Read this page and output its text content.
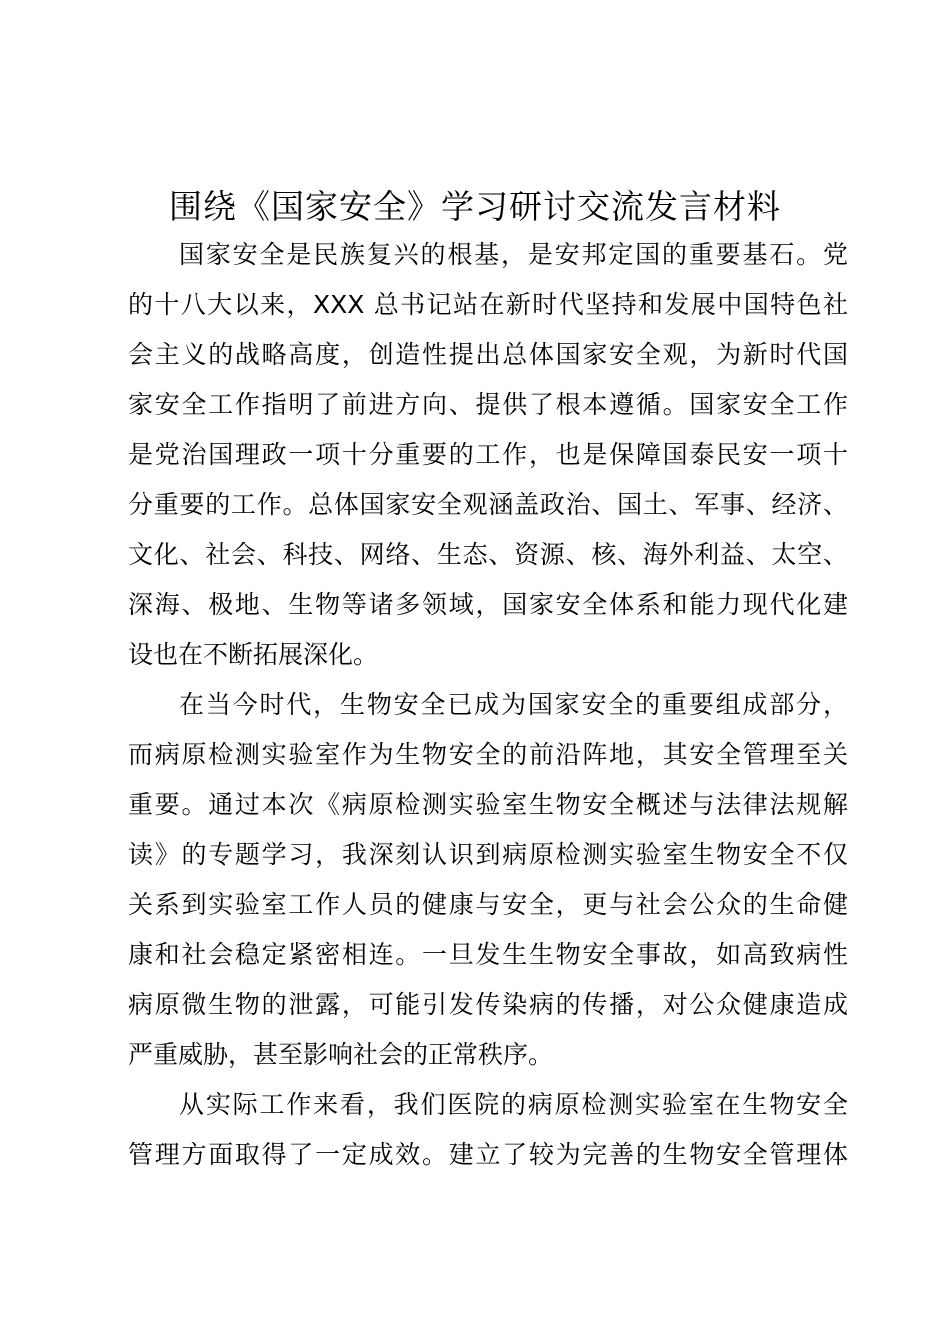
围绕《国家安全》学习研讨交流发言材料
国家安全是民族复兴的根基，是安邦定国的重要基石。党
的十八大以来，XXX 总书记站在新时代坚持和发展中国特色社
会主义的战略高度，创造性提出总体国家安全观，为新时代国
家安全工作指明了前进方向、提供了根本遵循。国家安全工作
是党治国理政一项十分重要的工作，也是保障国泰民安一项十
分重要的工作。总体国家安全观涵盖政治、国土、军事、经济、
文化、社会、科技、网络、生态、资源、核、海外利益、太空、
深海、极地、生物等诸多领域，国家安全体系和能力现代化建
设也在不断拓展深化。
在当今时代，生物安全已成为国家安全的重要组成部分，
而病原检测实验室作为生物安全的前沿阵地，其安全管理至关
重要。通过本次《病原检测实验室生物安全概述与法律法规解
读》的专题学习，我深刻认识到病原检测实验室生物安全不仅
关系到实验室工作人员的健康与安全，更与社会公众的生命健
康和社会稳定紧密相连。一旦发生生物安全事故，如高致病性
病原微生物的泄露，可能引发传染病的传播，对公众健康造成
严重威胁，甚至影响社会的正常秩序。
从实际工作来看，我们医院的病原检测实验室在生物安全
管理方面取得了一定成效。建立了较为完善的生物安全管理体
